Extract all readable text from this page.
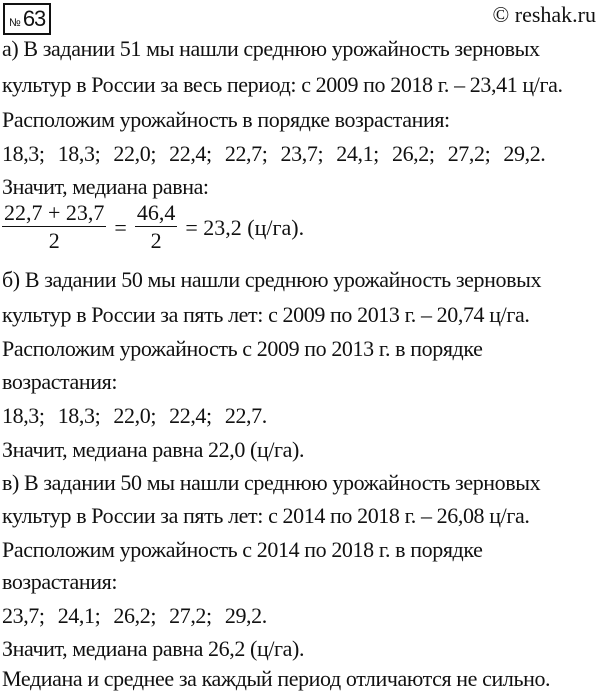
№ 63	© reshak.ru
а) В задании 51 мы нашли среднюю урожайность зерновых
культур в России за весь период: с 2009 по 2018 г. – 23,41 ц/га.
Расположим урожайность в порядке возрастания:
18,3; 18,3; 22,0; 22,4; 22,7; 23,7; 24,1; 26,2; 27,2; 29,2.
Значит, медиана равна:
$\frac{22,7 + 23,7}{2} = \frac{46,4}{2} = 23,2$ (ц/га).
б) В задании 50 мы нашли среднюю урожайность зерновых
культур в России за пять лет: с 2009 по 2013 г. – 20,74 ц/га.
Расположим урожайность с 2009 по 2013 г. в порядке
возрастания:
18,3; 18,3; 22,0; 22,4; 22,7.
Значит, медиана равна 22,0 (ц/га).
в) В задании 50 мы нашли среднюю урожайность зерновых
культур в России за пять лет: с 2014 по 2018 г. – 26,08 ц/га.
Расположим урожайность с 2014 по 2018 г. в порядке
возрастания:
23,7; 24,1; 26,2; 27,2; 29,2.
Значит, медиана равна 26,2 (ц/га).
Медиана и среднее за каждый период отличаются не сильно.
